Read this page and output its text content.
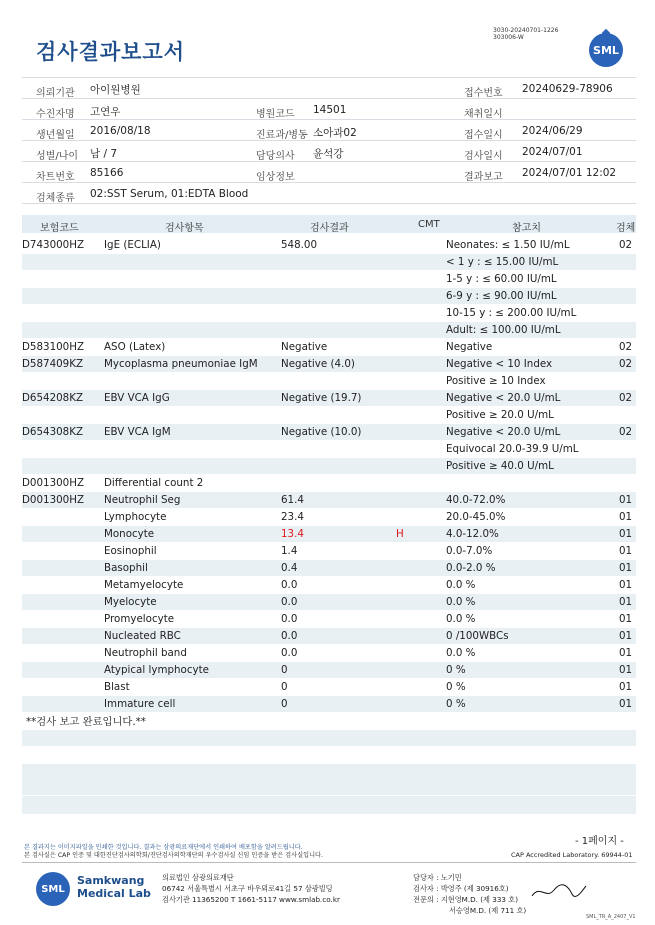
검사결과보고서
3030-20240701-1226
303006-W
SML
의뢰기관 아이원병원	접수번호 20240629-78906
수진자명 고연우	병원코드 14501	채취일시
생년월일 2016/08/18	진료과/병동 소아과02	접수일시 2024/06/29
성별/나이 남 / 7	담당의사 윤석강	검사일시 2024/07/01
차트번호 85166	임상정보	결과보고 2024/07/01 12:02
검체종류 02:SST Serum, 01:EDTA Blood
보험코드	검사항목	검사결과	CMT	참고치	검체
D743000HZ IgE (ECLIA)	548.00	Neonates: ≤ 1.50 IU/mL	02
< 1 y : ≤ 15.00 IU/mL
1-5 y : ≤ 60.00 IU/mL
6-9 y : ≤ 90.00 IU/mL
10-15 y : ≤ 200.00 IU/mL
Adult: ≤ 100.00 IU/mL
D583100HZ ASO (Latex)	Negative	Negative	02
D587409KZ Mycoplasma pneumoniae IgM Negative (4.0)	Negative < 10 Index	02
Positive ≥ 10 Index
D654208KZ EBV VCA IgG	Negative (19.7)	Negative < 20.0 U/mL	02
Positive ≥ 20.0 U/mL
D654308KZ EBV VCA IgM	Negative (10.0)	Negative < 20.0 U/mL	02
Equivocal 20.0-39.9 U/mL
Positive ≥ 40.0 U/mL
D001300HZ Differential count 2
D001300HZ Neutrophil Seg	61.4	40.0-72.0%	01
Lymphocyte	23.4	20.0-45.0%	01
Monocyte	13.4	H	4.0-12.0%	01
Eosinophil	1.4	0.0-7.0%	01
Basophil	0.4	0.0-2.0 %	01
Metamyelocyte	0.0	0.0 %	01
Myelocyte	0.0	0.0 %	01
Promyelocyte	0.0	0.0 %	01
Nucleated RBC	0.0	0 /100WBCs	01
Neutrophil band	0.0	0.0 %	01
Atypical lymphocyte	0	0 %	01
Blast	0	0 %	01
Immature cell	0	0 %	01
**검사 보고 완료입니다.**
- 1페이지 -
본 결과지는 이미지파일을 인쇄한 것입니다. 결과는 삼광의료재단에서 인쇄하여 배포함을 알려드립니다.
본 검사실은 CAP 인증 및 대한진단검사의학회/진단검사의학재단의 우수검사실 신임 인증을 받은 검사실입니다.	CAP Accredited Laboratory. 69944-01
SML
Samkwang
Medical Lab
의료법인 삼광의료재단
06742 서울특별시 서초구 바우뫼로41길 57 삼광빌딩
검사기관 11365200 T 1661-5117 www.smlab.co.kr
담당자 : 노기민
검사자 : 박영주 (제 30916호)
전문의 : 지현영M.D. (제 333 호)
서승영M.D. (제 711 호)
SML_TR_A_2407_V1
